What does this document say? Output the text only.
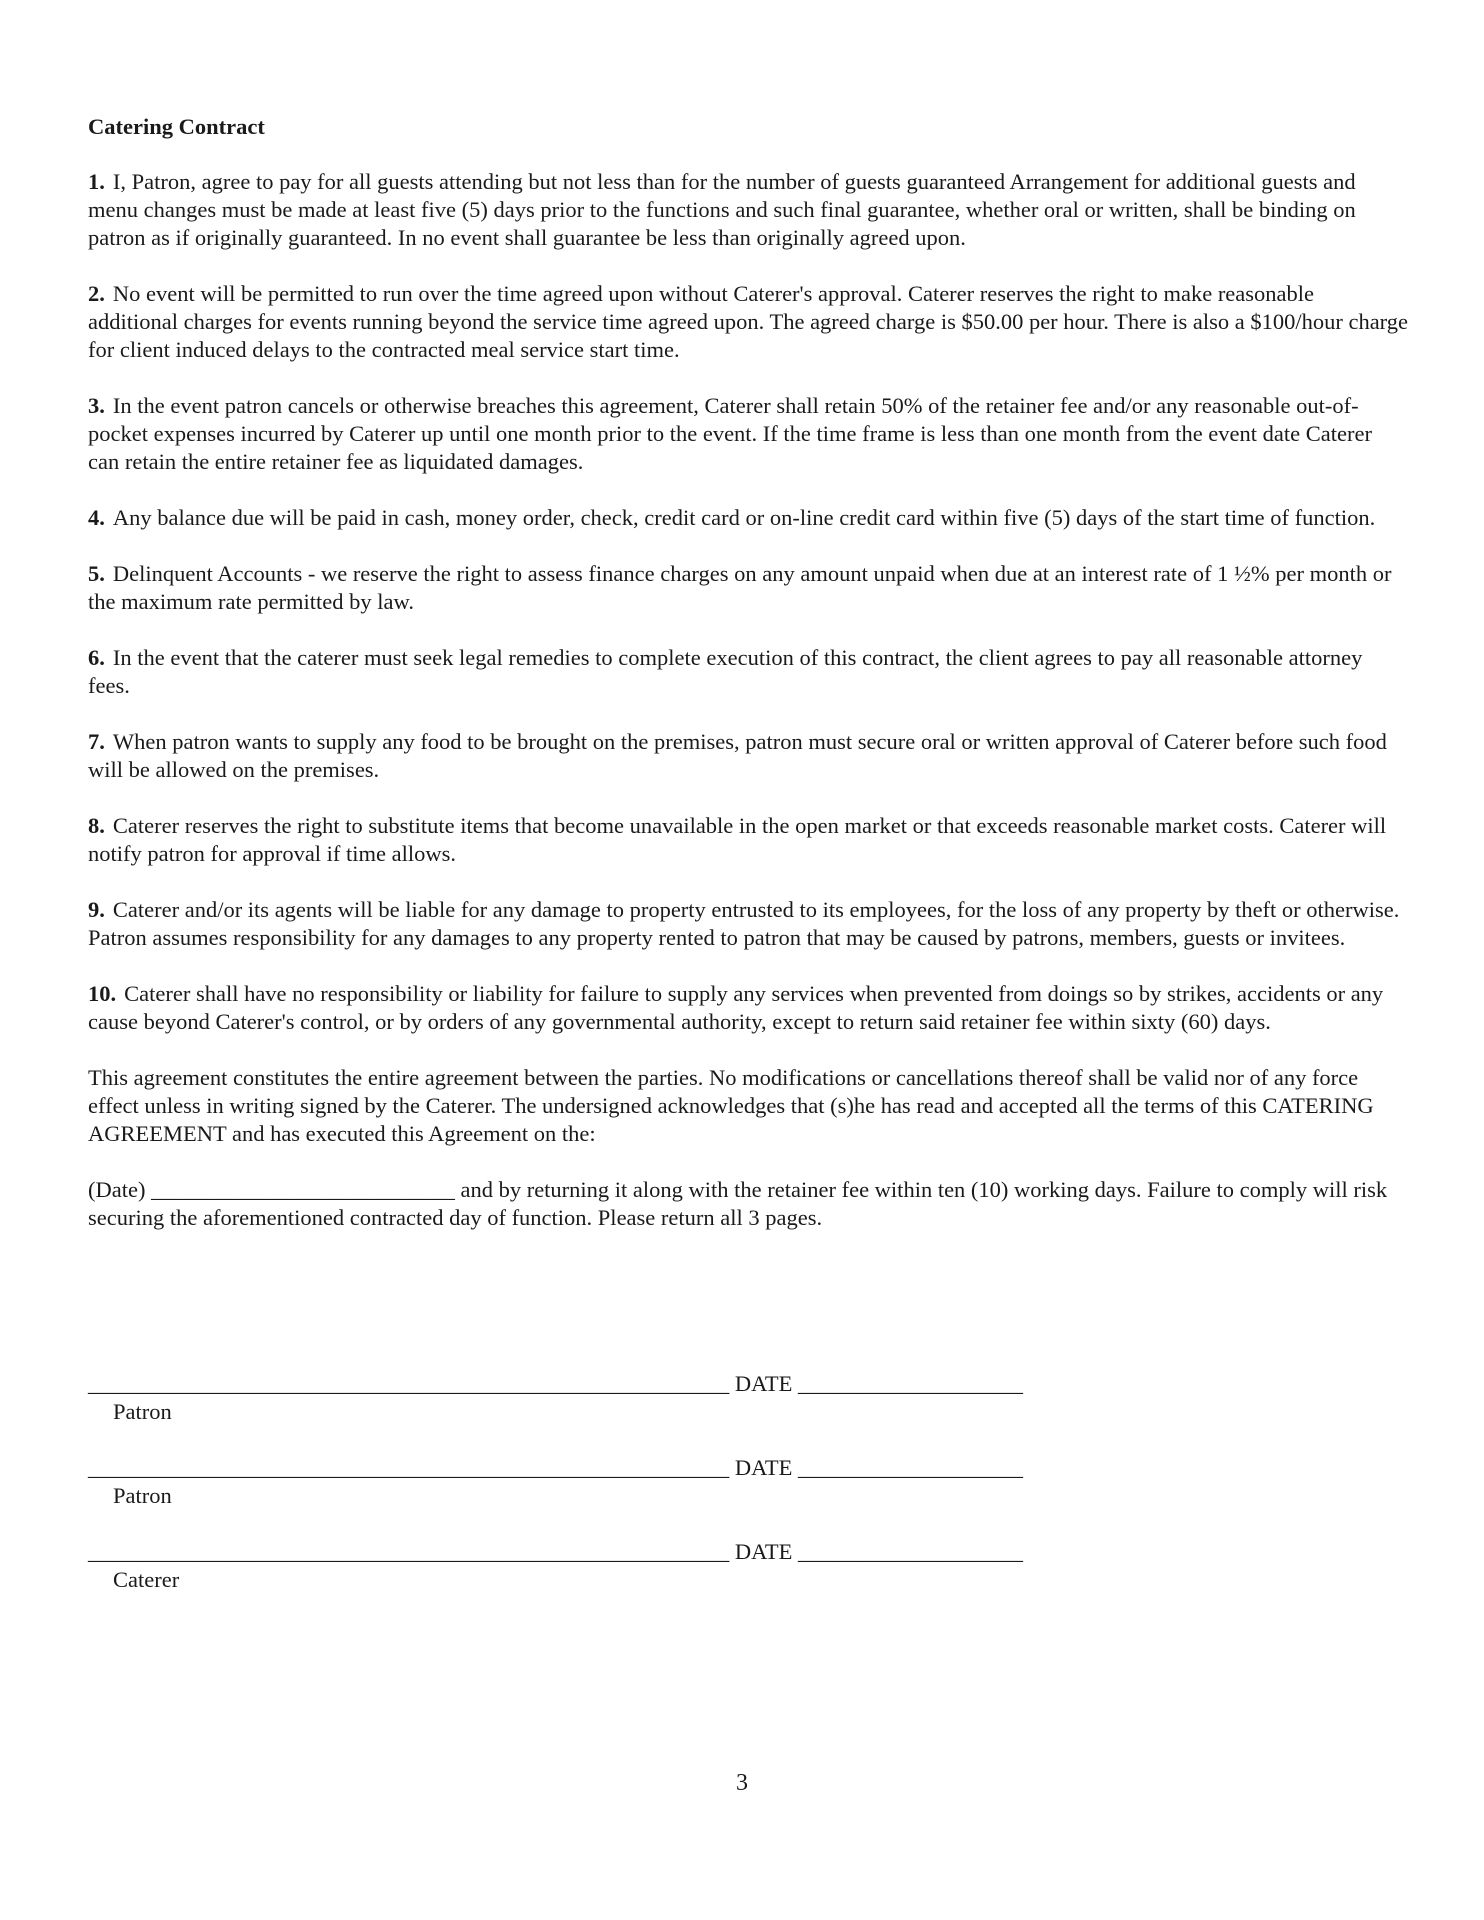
Catering Contract
1. I, Patron, agree to pay for all guests attending but not less than for the number of guests guaranteed Arrangement for additional guests and menu changes must be made at least five (5) days prior to the functions and such final guarantee, whether oral or written, shall be binding on patron as if originally guaranteed. In no event shall guarantee be less than originally agreed upon.
2. No event will be permitted to run over the time agreed upon without Caterer's approval. Caterer reserves the right to make reasonable additional charges for events running beyond the service time agreed upon. The agreed charge is $50.00 per hour. There is also a $100/hour charge for client induced delays to the contracted meal service start time.
3. In the event patron cancels or otherwise breaches this agreement, Caterer shall retain 50% of the retainer fee and/or any reasonable out-of-pocket expenses incurred by Caterer up until one month prior to the event. If the time frame is less than one month from the event date Caterer can retain the entire retainer fee as liquidated damages.
4. Any balance due will be paid in cash, money order, check, credit card or on-line credit card within five (5) days of the start time of function.
5. Delinquent Accounts - we reserve the right to assess finance charges on any amount unpaid when due at an interest rate of 1 ½% per month or the maximum rate permitted by law.
6. In the event that the caterer must seek legal remedies to complete execution of this contract, the client agrees to pay all reasonable attorney fees.
7. When patron wants to supply any food to be brought on the premises, patron must secure oral or written approval of Caterer before such food will be allowed on the premises.
8. Caterer reserves the right to substitute items that become unavailable in the open market or that exceeds reasonable market costs. Caterer will notify patron for approval if time allows.
9. Caterer and/or its agents will be liable for any damage to property entrusted to its employees, for the loss of any property by theft or otherwise. Patron assumes responsibility for any damages to any property rented to patron that may be caused by patrons, members, guests or invitees.
10. Caterer shall have no responsibility or liability for failure to supply any services when prevented from doings so by strikes, accidents or any cause beyond Caterer's control, or by orders of any governmental authority, except to return said retainer fee within sixty (60) days.
This agreement constitutes the entire agreement between the parties. No modifications or cancellations thereof shall be valid nor of any force effect unless in writing signed by the Caterer. The undersigned acknowledges that (s)he has read and accepted all the terms of this CATERING AGREEMENT and has executed this Agreement on the:
(Date) ___________________________ and by returning it along with the retainer fee within ten (10) working days. Failure to comply will risk securing the aforementioned contracted day of function. Please return all 3 pages.
_________________________________________________________ DATE ____________________
Patron
_________________________________________________________ DATE ____________________
Patron
_________________________________________________________ DATE ____________________
Caterer
3
